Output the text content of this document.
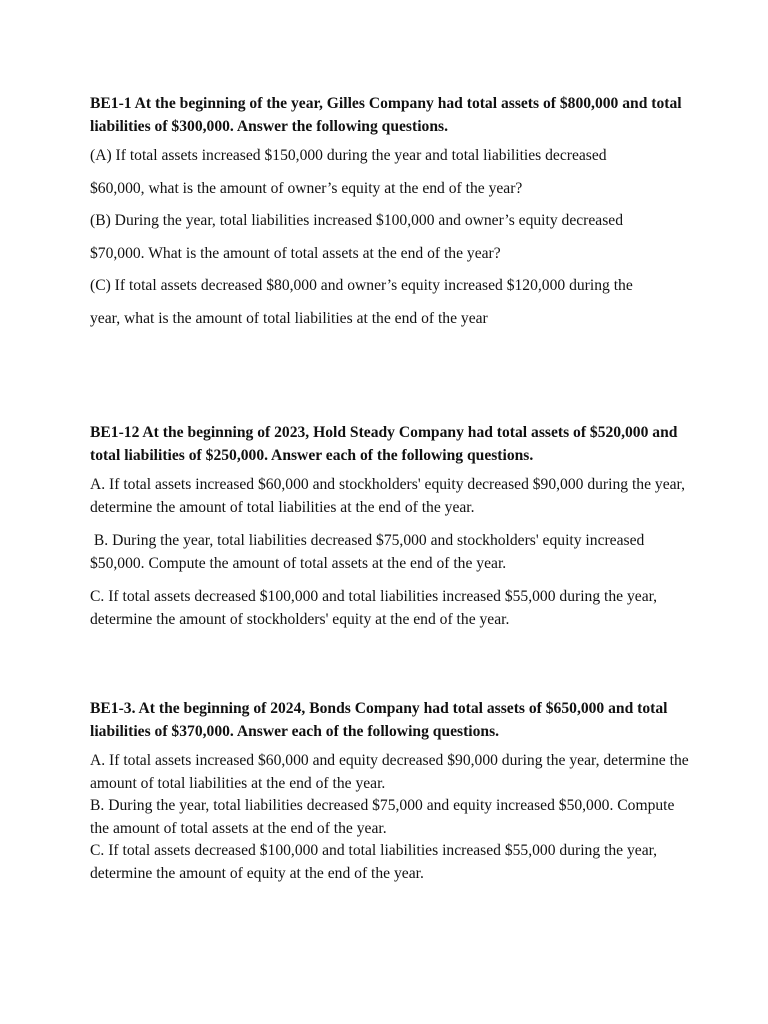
BE1-1 At the beginning of the year, Gilles Company had total assets of $800,000 and total liabilities of $300,000. Answer the following questions.

(A) If total assets increased $150,000 during the year and total liabilities decreased

$60,000, what is the amount of owner’s equity at the end of the year?

(B) During the year, total liabilities increased $100,000 and owner’s equity decreased

$70,000. What is the amount of total assets at the end of the year?

(C) If total assets decreased $80,000 and owner’s equity increased $120,000 during the

year, what is the amount of total liabilities at the end of the year

BE1-12 At the beginning of 2023, Hold Steady Company had total assets of $520,000 and total liabilities of $250,000. Answer each of the following questions.

A. If total assets increased $60,000 and stockholders' equity decreased $90,000 during the year, determine the amount of total liabilities at the end of the year.

B. During the year, total liabilities decreased $75,000 and stockholders' equity increased $50,000. Compute the amount of total assets at the end of the year.

C. If total assets decreased $100,000 and total liabilities increased $55,000 during the year, determine the amount of stockholders' equity at the end of the year.

BE1-3. At the beginning of 2024, Bonds Company had total assets of $650,000 and total liabilities of $370,000. Answer each of the following questions.

A. If total assets increased $60,000 and equity decreased $90,000 during the year, determine the amount of total liabilities at the end of the year.

B. During the year, total liabilities decreased $75,000 and equity increased $50,000. Compute the amount of total assets at the end of the year.

C. If total assets decreased $100,000 and total liabilities increased $55,000 during the year, determine the amount of equity at the end of the year.
